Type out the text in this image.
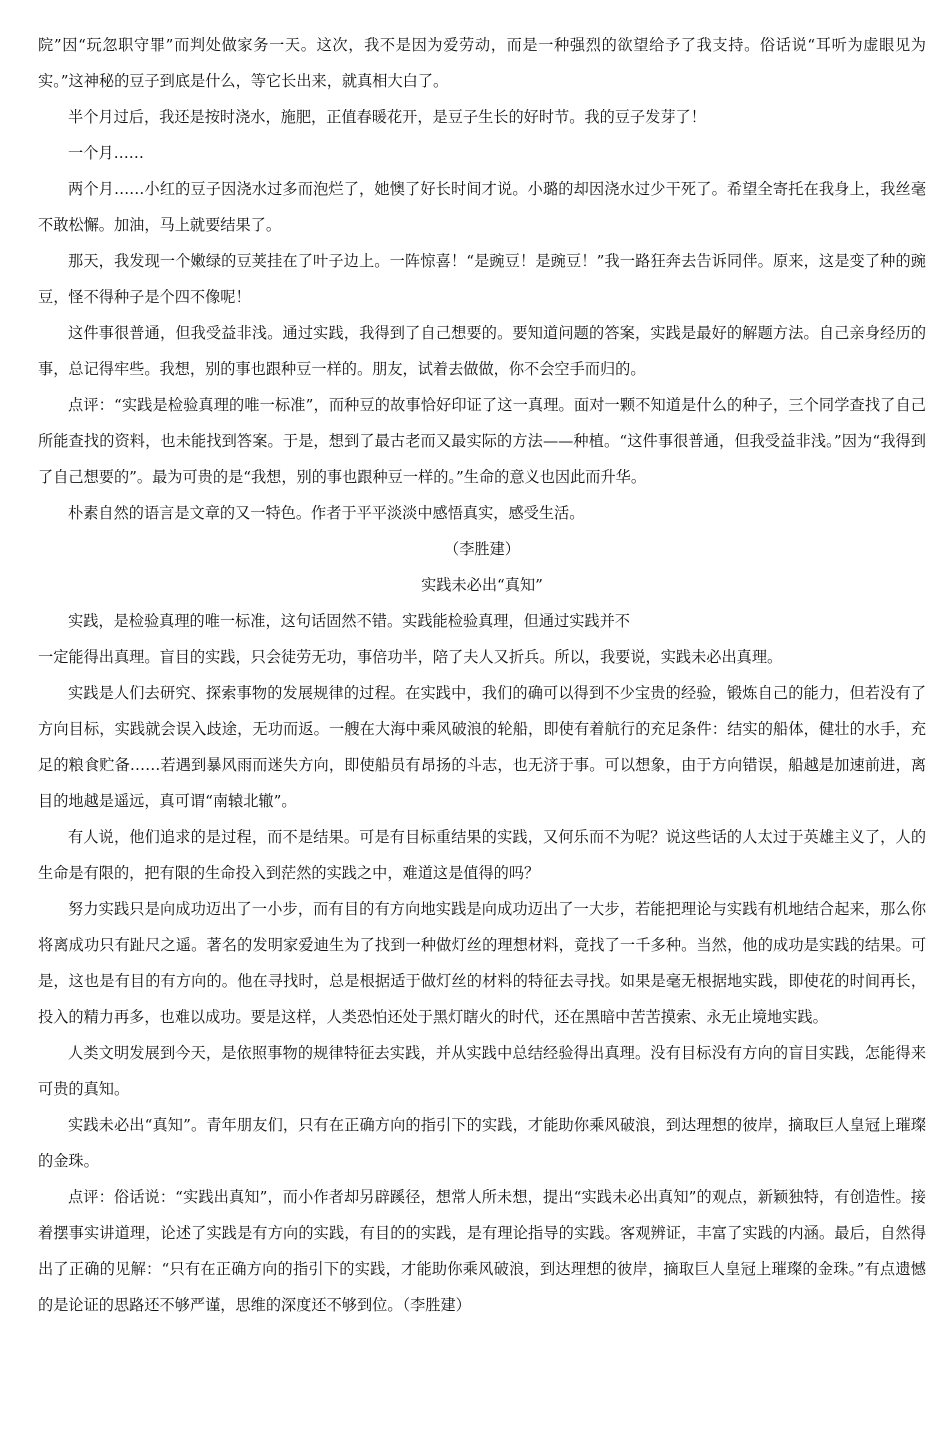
院”因“玩忽职守罪”而判处做家务一天。这次，我不是因为爱劳动，而是一种强烈的欲望给予了我支持。俗话说“耳听为虚眼见为实。”这神秘的豆子到底是什么，等它长出来，就真相大白了。

半个月过后，我还是按时浇水，施肥，正值春暖花开，是豆子生长的好时节。我的豆子发芽了！

一个月……

两个月……小红的豆子因浇水过多而泡烂了，她懊了好长时间才说。小璐的却因浇水过少干死了。希望全寄托在我身上，我丝毫不敢松懈。加油，马上就要结果了。

那天，我发现一个嫩绿的豆荚挂在了叶子边上。一阵惊喜！“是豌豆！是豌豆！”我一路狂奔去告诉同伴。原来，这是变了种的豌豆，怪不得种子是个四不像呢！

这件事很普通，但我受益非浅。通过实践，我得到了自己想要的。要知道问题的答案，实践是最好的解题方法。自己亲身经历的事，总记得牢些。我想，别的事也跟种豆一样的。朋友，试着去做做，你不会空手而归的。

点评：“实践是检验真理的唯一标准”，而种豆的故事恰好印证了这一真理。面对一颗不知道是什么的种子，三个同学查找了自己所能查找的资料，也未能找到答案。于是，想到了最古老而又最实际的方法——种植。“这件事很普通，但我受益非浅。”因为“我得到了自己想要的”。最为可贵的是“我想，别的事也跟种豆一样的。”生命的意义也因此而升华。

朴素自然的语言是文章的又一特色。作者于平平淡淡中感悟真实，感受生活。

（李胜建）

实践未必出“真知”

实践，是检验真理的唯一标准，这句话固然不错。实践能检验真理，但通过实践并不

一定能得出真理。盲目的实践，只会徒劳无功，事倍功半，陪了夫人又折兵。所以，我要说，实践未必出真理。

实践是人们去研究、探索事物的发展规律的过程。在实践中，我们的确可以得到不少宝贵的经验，锻炼自己的能力，但若没有了方向目标，实践就会误入歧途，无功而返。一艘在大海中乘风破浪的轮船，即使有着航行的充足条件：结实的船体，健壮的水手，充足的粮食贮备……若遇到暴风雨而迷失方向，即使船员有昂扬的斗志，也无济于事。可以想象，由于方向错误，船越是加速前进，离目的地越是遥远，真可谓“南辕北辙”。

有人说，他们追求的是过程，而不是结果。可是有目标重结果的实践，又何乐而不为呢？说这些话的人太过于英雄主义了，人的生命是有限的，把有限的生命投入到茫然的实践之中，难道这是值得的吗？

努力实践只是向成功迈出了一小步，而有目的有方向地实践是向成功迈出了一大步，若能把理论与实践有机地结合起来，那么你将离成功只有趾尺之遥。著名的发明家爱迪生为了找到一种做灯丝的理想材料，竟找了一千多种。当然，他的成功是实践的结果。可是，这也是有目的有方向的。他在寻找时，总是根据适于做灯丝的材料的特征去寻找。如果是毫无根据地实践，即使花的时间再长，投入的精力再多，也难以成功。要是这样，人类恐怕还处于黑灯瞎火的时代，还在黑暗中苦苦摸索、永无止境地实践。

人类文明发展到今天，是依照事物的规律特征去实践，并从实践中总结经验得出真理。没有目标没有方向的盲目实践，怎能得来可贵的真知。

实践未必出“真知”。青年朋友们，只有在正确方向的指引下的实践，才能助你乘风破浪，到达理想的彼岸，摘取巨人皇冠上璀璨的金珠。

点评：俗话说：“实践出真知”，而小作者却另辟蹊径，想常人所未想，提出“实践未必出真知”的观点，新颖独特，有创造性。接着摆事实讲道理，论述了实践是有方向的实践，有目的的实践，是有理论指导的实践。客观辨证，丰富了实践的内涵。最后，自然得出了正确的见解：“只有在正确方向的指引下的实践，才能助你乘风破浪，到达理想的彼岸，摘取巨人皇冠上璀璨的金珠。”有点遗憾的是论证的思路还不够严谨，思维的深度还不够到位。（李胜建）
